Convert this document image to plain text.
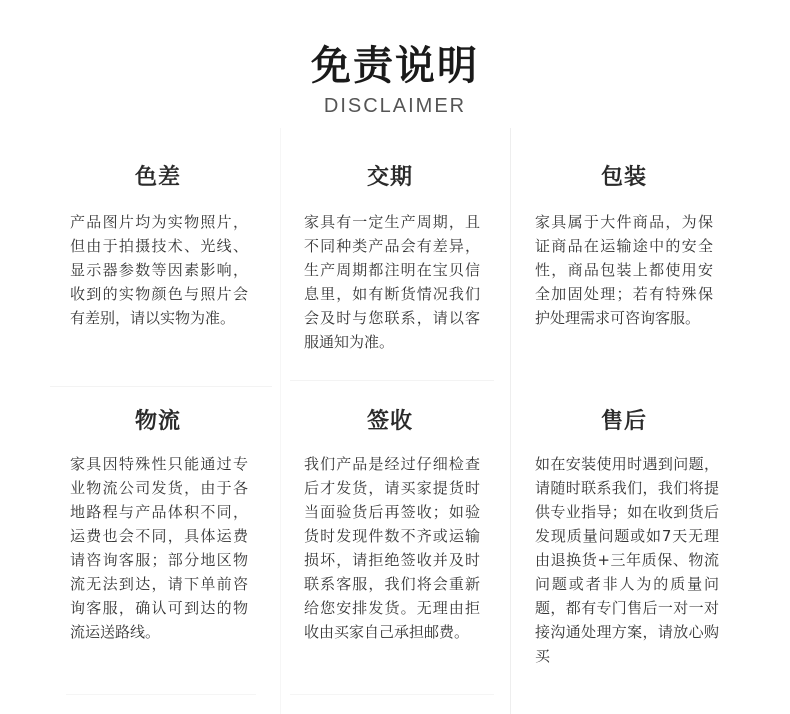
免责说明
DISCLAIMER
色差

产品图片均为实物照片，但由于拍摄技术、光线、显示器参数等因素影响，收到的实物颜色与照片会有差别，请以实物为准。

交期

家具有一定生产周期，且不同种类产品会有差异，生产周期都注明在宝贝信息里，如有断货情况我们会及时与您联系，请以客服通知为准。

包装

家具属于大件商品，为保证商品在运输途中的安全性，商品包装上都使用安全加固处理；若有特殊保护处理需求可咨询客服。

物流

家具因特殊性只能通过专业物流公司发货，由于各地路程与产品体积不同，运费也会不同，具体运费请咨询客服；部分地区物流无法到达，请下单前咨询客服，确认可到达的物流运送路线。

签收

我们产品是经过仔细检查后才发货，请买家提货时当面验货后再签收；如验货时发现件数不齐或运输损坏，请拒绝签收并及时联系客服，我们将会重新给您安排发货。无理由拒收由买家自己承担邮费。

售后

如在安装使用时遇到问题，请随时联系我们，我们将提供专业指导；如在收到货后发现质量问题或如7天无理由退换货+三年质保、物流问题或者非人为的质量问题，都有专门售后一对一对接沟通处理方案，请放心购买
